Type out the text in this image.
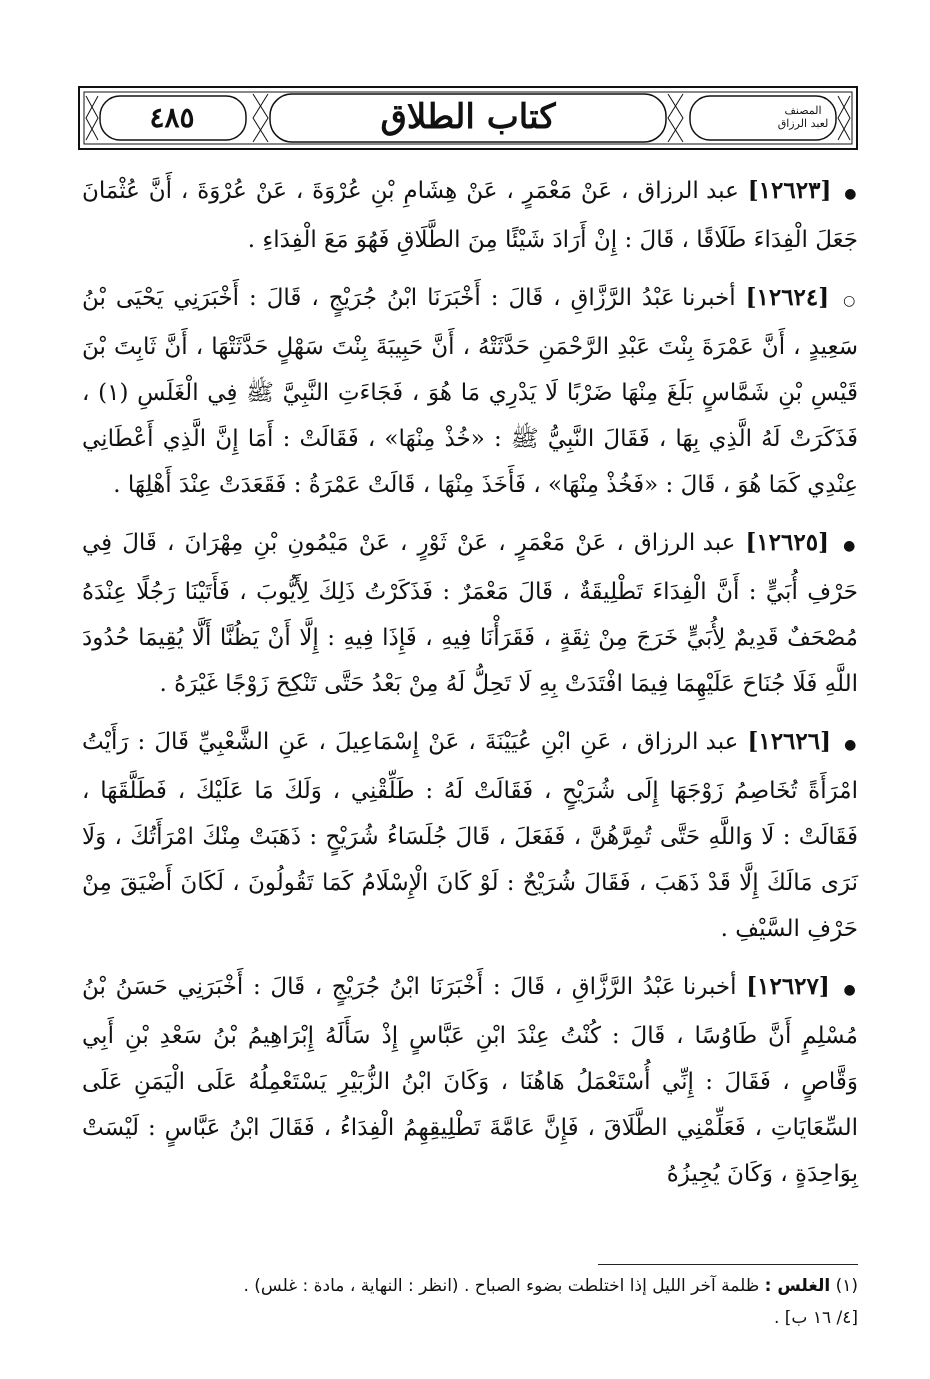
٤٨٥	كتاب الطلاق	المصنف
لعبد الرزاق

● [١٢٦٢٣] عبد الرزاق ، عَنْ مَعْمَرٍ ، عَنْ هِشَامِ بْنِ عُرْوَةَ ، عَنْ عُرْوَةَ ، أَنَّ عُثْمَانَ جَعَلَ الْفِدَاءَ طَلَاقًا ، قَالَ : إِنْ أَرَادَ شَيْئًا مِنَ الطَّلَاقِ فَهُوَ مَعَ الْفِدَاءِ .

○ [١٢٦٢٤] أخبرنا عَبْدُ الرَّزَّاقِ ، قَالَ : أَخْبَرَنَا ابْنُ جُرَيْجٍ ، قَالَ : أَخْبَرَنِي يَحْيَى بْنُ سَعِيدٍ ، أَنَّ عَمْرَةَ بِنْتَ عَبْدِ الرَّحْمَنِ حَدَّثَتْهُ ، أَنَّ حَبِيبَةَ بِنْتَ سَهْلٍ حَدَّثَتْهَا ، أَنَّ ثَابِتَ بْنَ قَيْسِ بْنِ شَمَّاسٍ بَلَغَ مِنْهَا ضَرْبًا لَا يَدْرِي مَا هُوَ ، فَجَاءَتِ النَّبِيَّ ﷺ فِي الْغَلَسِ (١) ، فَذَكَرَتْ لَهُ الَّذِي بِهَا ، فَقَالَ النَّبِيُّ ﷺ : «خُذْ مِنْهَا» ، فَقَالَتْ : أَمَا إِنَّ الَّذِي أَعْطَانِي عِنْدِي كَمَا هُوَ ، قَالَ : «فَخُذْ مِنْهَا» ، فَأَخَذَ مِنْهَا ، قَالَتْ عَمْرَةُ : فَقَعَدَتْ عِنْدَ أَهْلِهَا .

● [١٢٦٢٥] عبد الرزاق ، عَنْ مَعْمَرٍ ، عَنْ ثَوْرٍ ، عَنْ مَيْمُونِ بْنِ مِهْرَانَ ، قَالَ فِي حَرْفِ أُبَيٍّ : أَنَّ الْفِدَاءَ تَطْلِيقَةٌ ، قَالَ مَعْمَرٌ : فَذَكَرْتُ ذَلِكَ لِأَيُّوبَ ، فَأَتَيْنَا رَجُلًا عِنْدَهُ مُصْحَفٌ قَدِيمٌ لِأُبَيٍّ خَرَجَ مِنْ ثِقَةٍ ، فَقَرَأْنَا فِيهِ ، فَإِذَا فِيهِ : إِلَّا أَنْ يَظُنَّا أَلَّا يُقِيمَا حُدُودَ اللَّهِ فَلَا جُنَاحَ عَلَيْهِمَا فِيمَا افْتَدَتْ بِهِ لَا تَحِلُّ لَهُ مِنْ بَعْدُ حَتَّى تَنْكِحَ زَوْجًا غَيْرَهُ .

● [١٢٦٢٦] عبد الرزاق ، عَنِ ابْنِ عُيَيْنَةَ ، عَنْ إِسْمَاعِيلَ ، عَنِ الشَّعْبِيِّ قَالَ : رَأَيْتُ امْرَأَةً تُخَاصِمُ زَوْجَهَا إِلَى شُرَيْحٍ ، فَقَالَتْ لَهُ : طَلِّقْنِي ، وَلَكَ مَا عَلَيْكَ ، فَطَلَّقَهَا ، فَقَالَتْ : لَا وَاللَّهِ حَتَّى تُمِرَّهُنَّ ، فَفَعَلَ ، قَالَ جُلَسَاءُ شُرَيْحٍ : ذَهَبَتْ مِنْكَ امْرَأَتُكَ ، وَلَا نَرَى مَالَكَ إِلَّا قَدْ ذَهَبَ ، فَقَالَ شُرَيْحٌ : لَوْ كَانَ الْإِسْلَامُ كَمَا تَقُولُونَ ، لَكَانَ أَضْيَقَ مِنْ حَرْفِ السَّيْفِ .

● [١٢٦٢٧] أخبرنا عَبْدُ الرَّزَّاقِ ، قَالَ : أَخْبَرَنَا ابْنُ جُرَيْجٍ ، قَالَ : أَخْبَرَنِي حَسَنُ بْنُ مُسْلِمٍ أَنَّ طَاوُسًا ، قَالَ : كُنْتُ عِنْدَ ابْنِ عَبَّاسٍ إِذْ سَأَلَهُ إِبْرَاهِيمُ بْنُ سَعْدِ بْنِ أَبِي وَقَّاصٍ ، فَقَالَ : إِنِّي أُسْتَعْمَلُ هَاهُنَا ، وَكَانَ ابْنُ الزُّبَيْرِ يَسْتَعْمِلُهُ عَلَى الْيَمَنِ عَلَى السِّعَايَاتِ ، فَعَلِّمْنِي الطَّلَاقَ ، فَإِنَّ عَامَّةَ تَطْلِيقِهِمُ الْفِدَاءُ ، فَقَالَ ابْنُ عَبَّاسٍ : لَيْسَتْ بِوَاحِدَةٍ ، وَكَانَ يُجِيزُهُ

(١) الغلس : ظلمة آخر الليل إذا اختلطت بضوء الصباح . (انظر : النهاية ، مادة : غلس) .

[٤/ ١٦ ب] .
